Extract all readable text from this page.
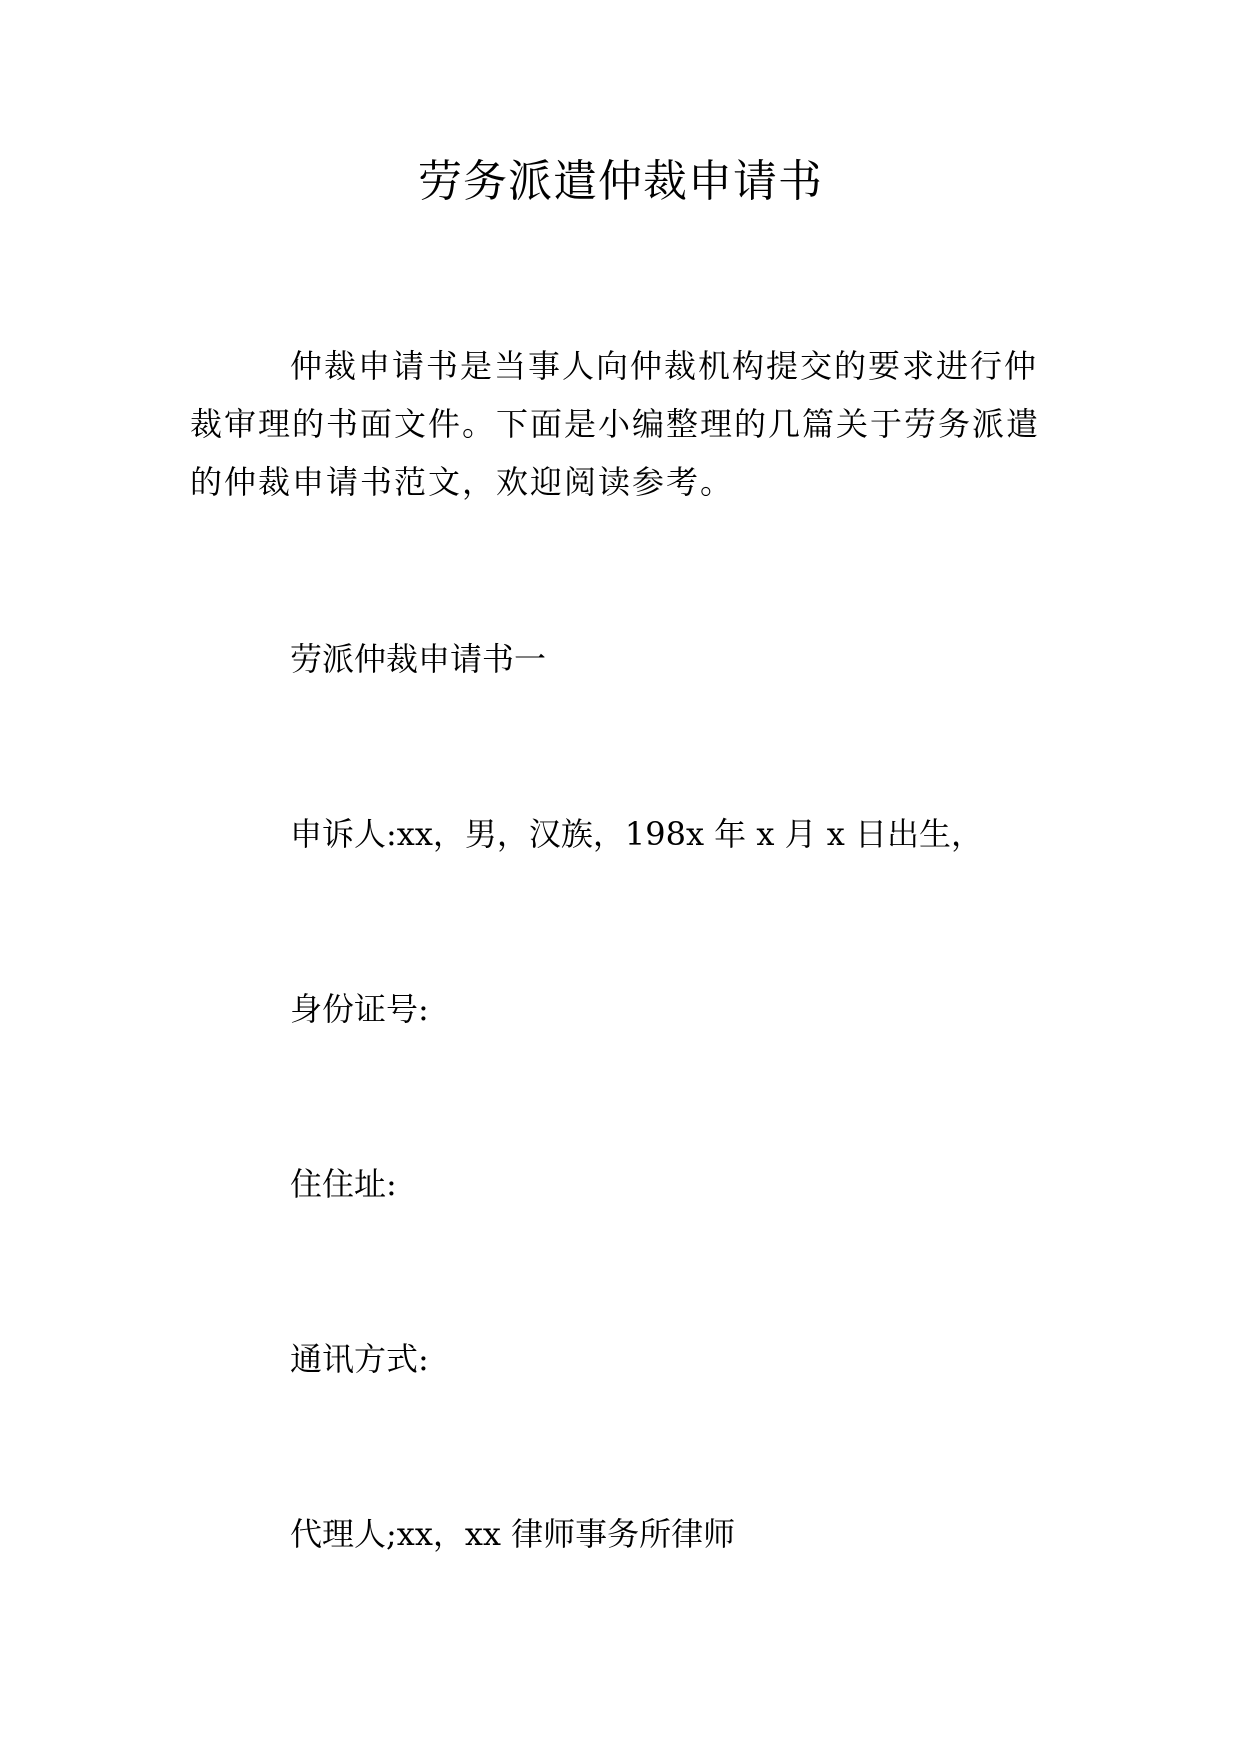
劳务派遣仲裁申请书

仲裁申请书是当事人向仲裁机构提交的要求进行仲裁审理的书面文件。下面是小编整理的几篇关于劳务派遣的仲裁申请书范文，欢迎阅读参考。

劳派仲裁申请书一

申诉人:xx，男，汉族，198x 年 x 月 x 日出生，

身份证号:

住住址:

通讯方式:

代理人;xx，xx 律师事务所律师
